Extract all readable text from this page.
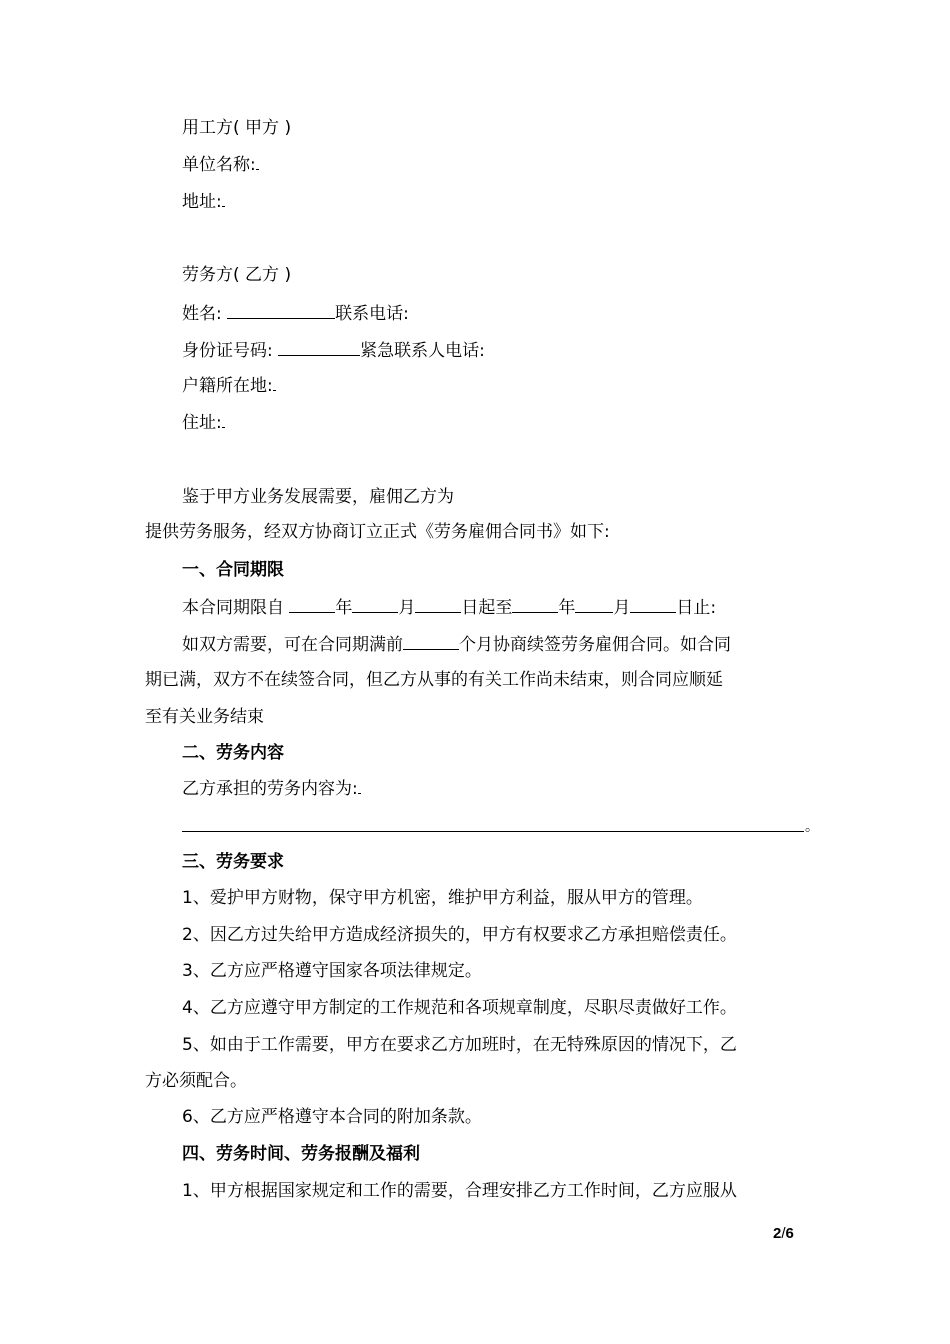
用工方( 甲方 )
单位名称:
地址:
劳务方( 乙方 )
姓名:	联系电话:
身份证号码:	紧急联系人电话:
户籍所在地:
住址:
鉴于甲方业务发展需要，雇佣乙方为
提供劳务服务，经双方协商订立正式《劳务雇佣合同书》如下:
一、合同期限
本合同期限自	年	月	日起至	年 月	日止:
如双方需要，可在合同期满前	个月协商续签劳务雇佣合同。如合同
期已满，双方不在续签合同，但乙方从事的有关工作尚未结束，则合同应顺延
至有关业务结束
二、劳务内容
乙方承担的劳务内容为:
。
三、劳务要求
1、爱护甲方财物，保守甲方机密，维护甲方利益，服从甲方的管理。
2、因乙方过失给甲方造成经济损失的，甲方有权要求乙方承担赔偿责任。
3、乙方应严格遵守国家各项法律规定。
4、乙方应遵守甲方制定的工作规范和各项规章制度，尽职尽责做好工作。
5、如由于工作需要，甲方在要求乙方加班时，在无特殊原因的情况下，乙
方必须配合。
6、乙方应严格遵守本合同的附加条款。
四、劳务时间、劳务报酬及福利
1、甲方根据国家规定和工作的需要，合理安排乙方工作时间，乙方应服从
2/6
